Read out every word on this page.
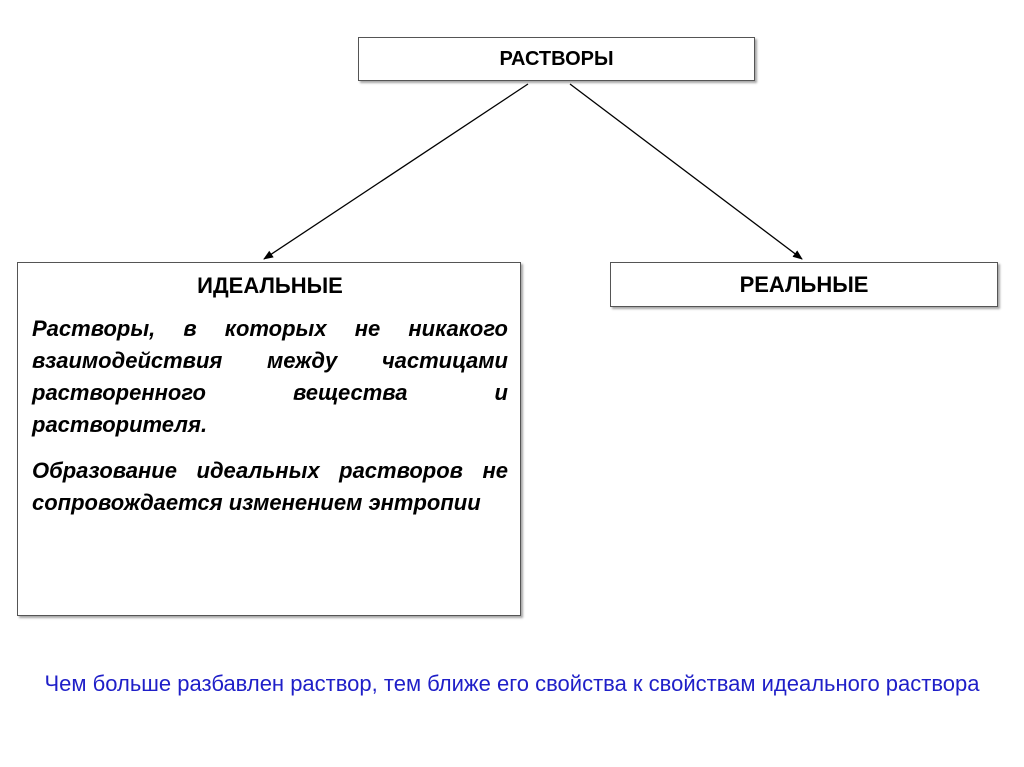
РАСТВОРЫ
ИДЕАЛЬНЫЕ

Растворы, в которых не никакого взаимодействия между частицами растворенного вещества и растворителя.

Образование идеальных растворов не сопровождается изменением энтропии

РЕАЛЬНЫЕ
Чем больше разбавлен раствор, тем ближе его свойства к свойствам идеального раствора
